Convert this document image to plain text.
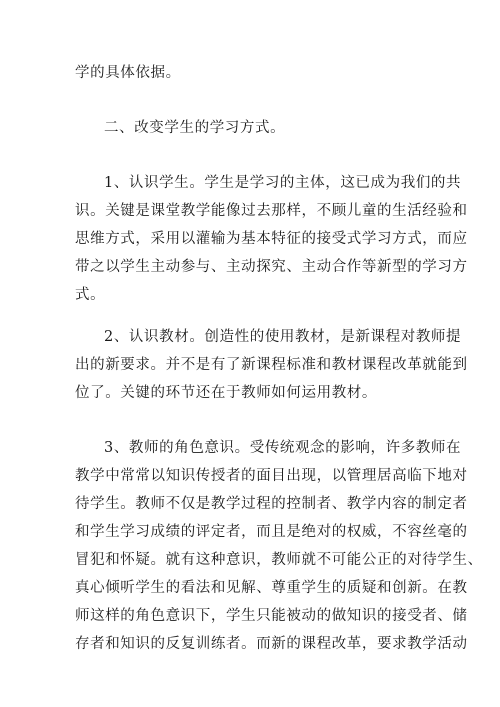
学的具体依据。

二、改变学生的学习方式。

1、认识学生。学生是学习的主体，这已成为我们的共

识。关键是课堂教学能像过去那样，不顾儿童的生活经验和

思维方式，采用以灌输为基本特征的接受式学习方式，而应

带之以学生主动参与、主动探究、主动合作等新型的学习方

式。

2、认识教材。创造性的使用教材，是新课程对教师提

出的新要求。并不是有了新课程标准和教材课程改革就能到

位了。关键的环节还在于教师如何运用教材。

3、教师的角色意识。受传统观念的影响，许多教师在

教学中常常以知识传授者的面目出现，以管理居高临下地对

待学生。教师不仅是教学过程的控制者、教学内容的制定者

和学生学习成绩的评定者，而且是绝对的权威，不容丝毫的

冒犯和怀疑。就有这种意识，教师就不可能公正的对待学生、

真心倾听学生的看法和见解、尊重学生的质疑和创新。在教

师这样的角色意识下，学生只能被动的做知识的接受者、储

存者和知识的反复训练者。而新的课程改革，要求教学活动
